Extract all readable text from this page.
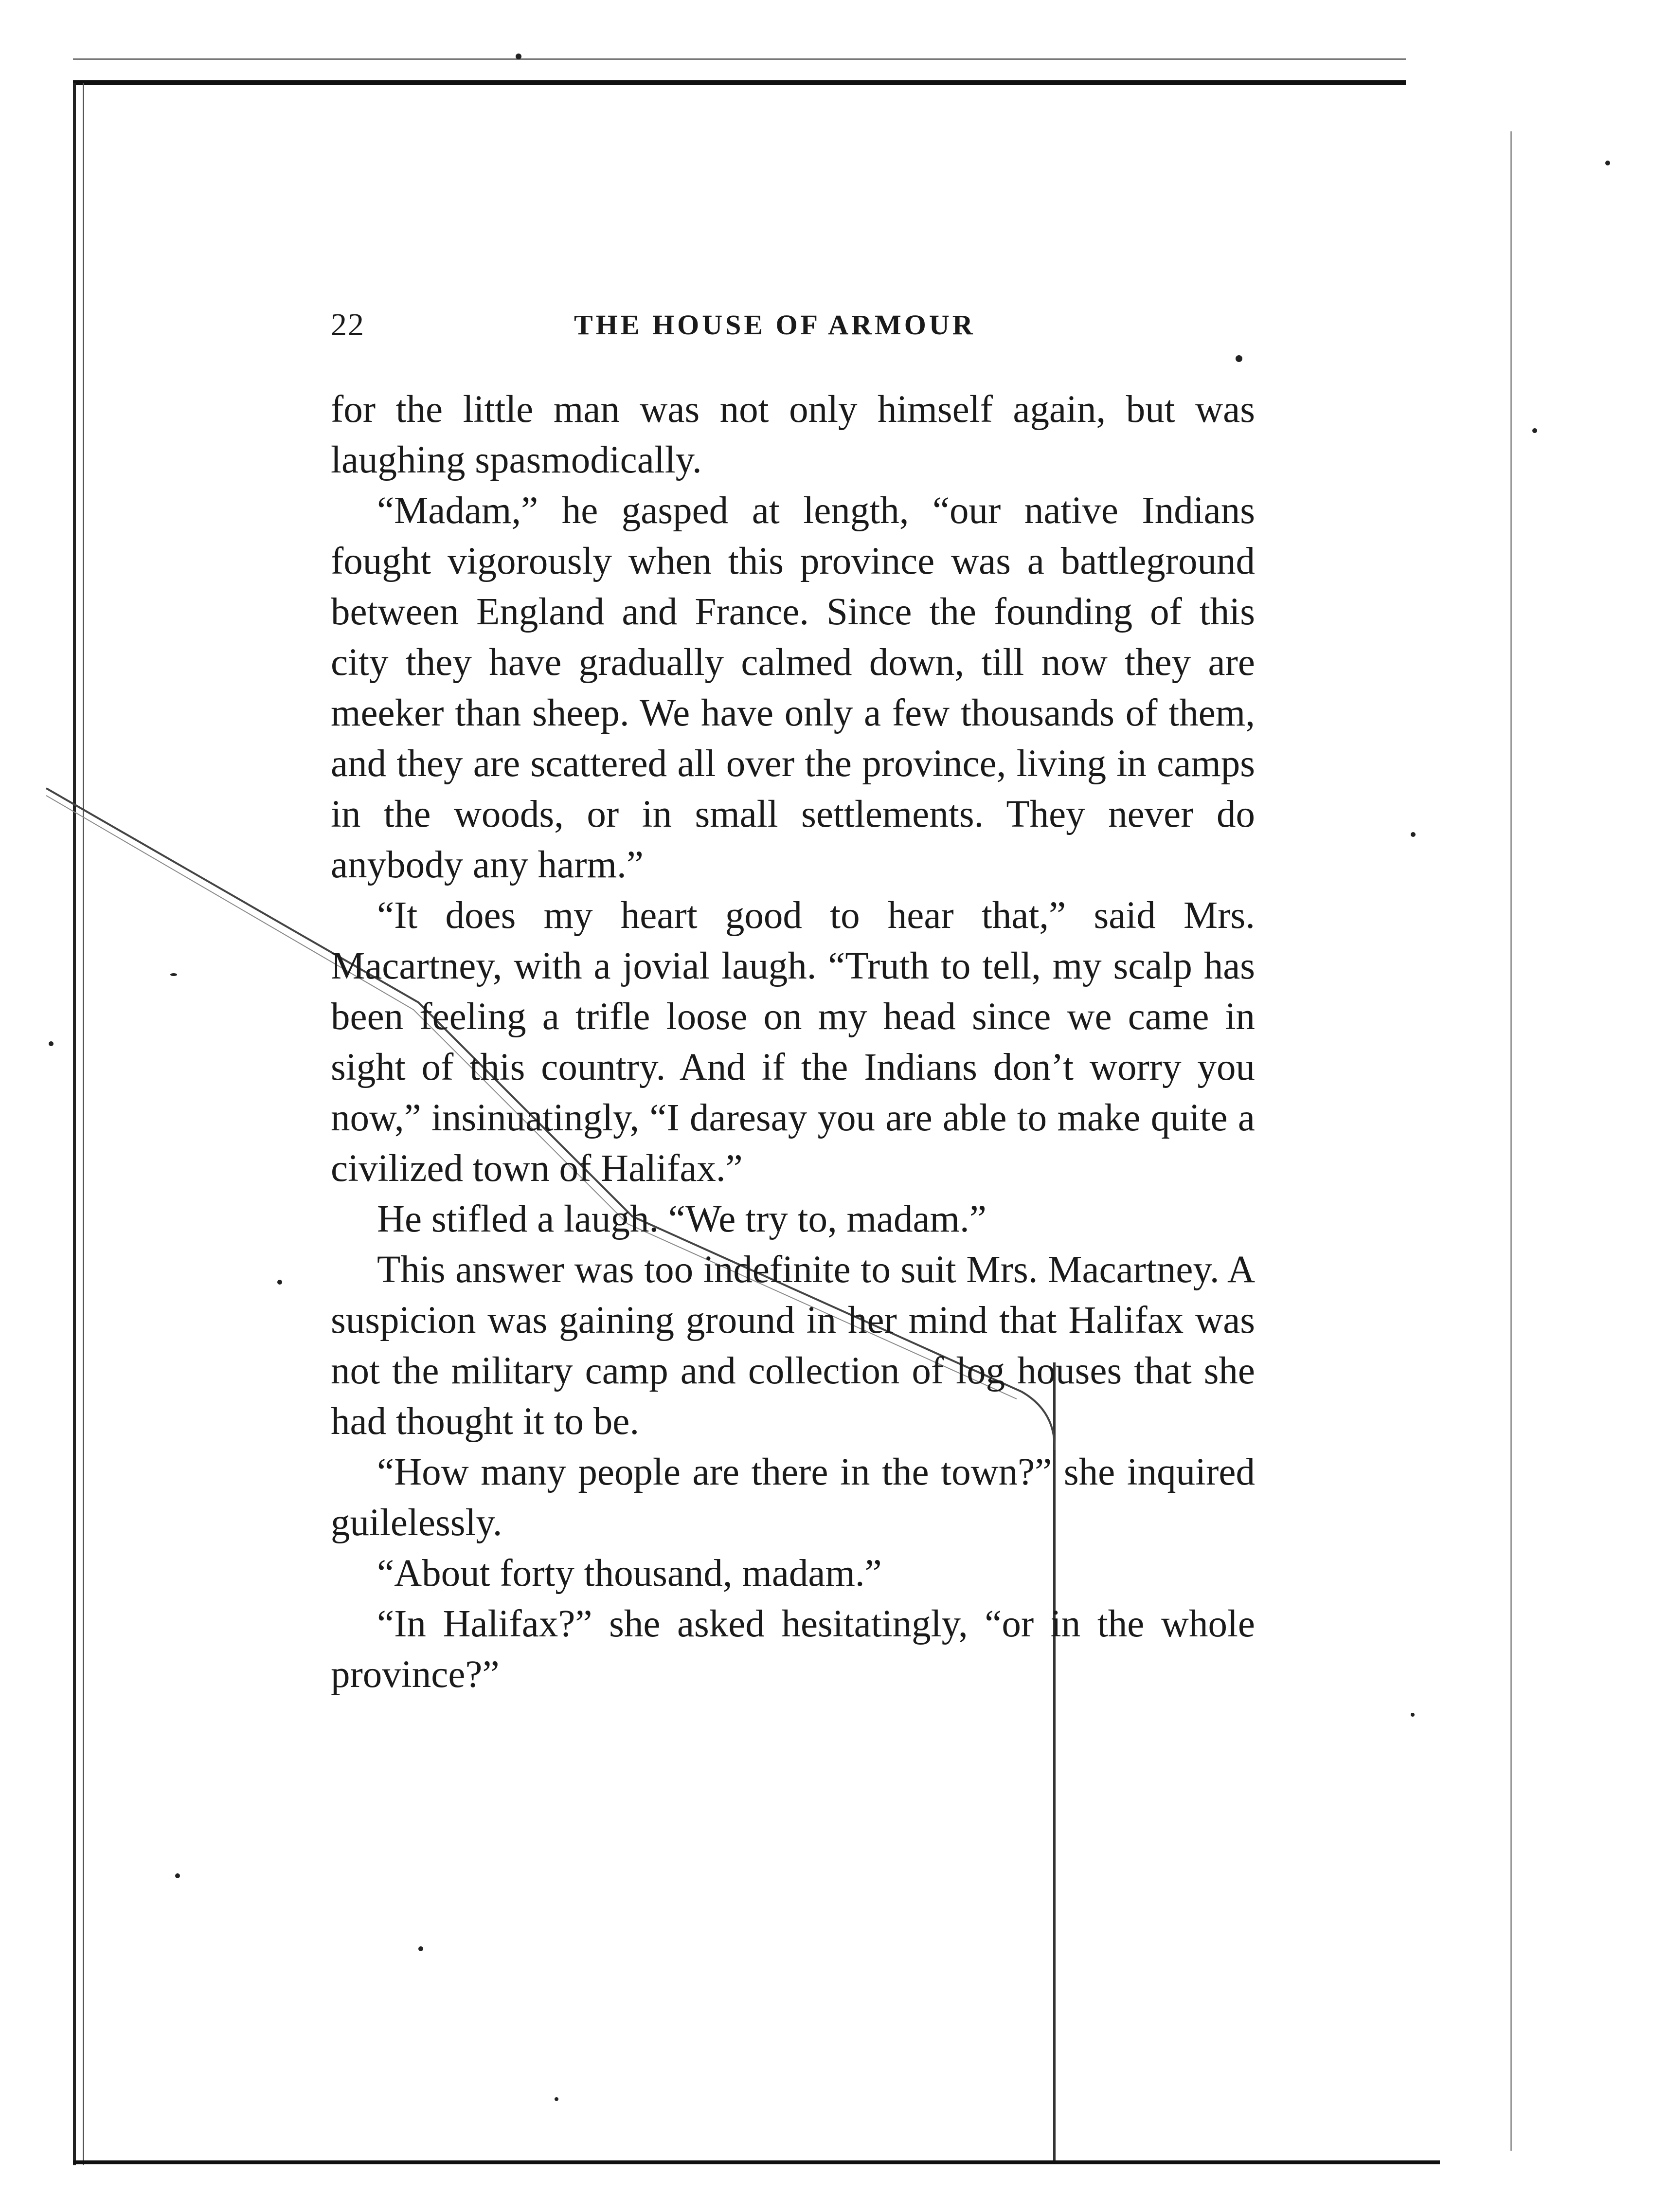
22	THE HOUSE OF ARMOUR

for the little man was not only himself again, but was laughing spasmodically.

“Madam,” he gasped at length, “our native Indians fought vigorously when this province was a battleground between England and France. Since the founding of this city they have gradually calmed down, till now they are meeker than sheep. We have only a few thousands of them, and they are scattered all over the province, living in camps in the woods, or in small settlements. They never do anybody any harm.”

“It does my heart good to hear that,” said Mrs. Macartney, with a jovial laugh. “Truth to tell, my scalp has been feeling a trifle loose on my head since we came in sight of this country. And if the Indians don’t worry you now,” insinuatingly, “I daresay you are able to make quite a civilized town of Halifax.”

He stifled a laugh. “We try to, madam.”

This answer was too indefinite to suit Mrs. Macartney. A suspicion was gaining ground in her mind that Halifax was not the military camp and collection of log houses that she had thought it to be.

“How many people are there in the town?” she inquired guilelessly.

“About forty thousand, madam.”

“In Halifax?” she asked hesitatingly, “or in the whole province?”
